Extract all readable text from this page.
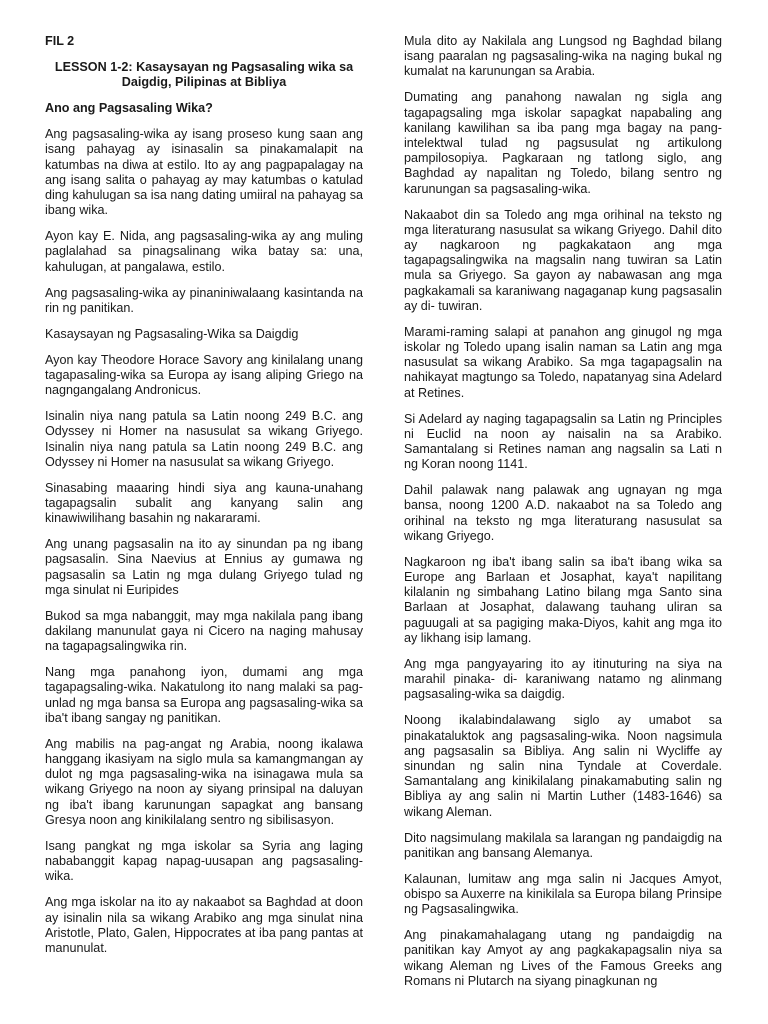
FIL 2

LESSON 1-2: Kasaysayan ng Pagsasaling wika sa Daigdig, Pilipinas at Bibliya

Ano ang Pagsasaling Wika?

Ang pagsasaling-wika ay isang proseso kung saan ang isang pahayag ay isinasalin sa pinakamalapit na katumbas na diwa at estilo. Ito ay ang pagpapalagay na ang isang salita o pahayag ay may katumbas o katulad ding kahulugan sa isa nang dating umiiral na pahayag sa ibang wika.

Ayon kay E. Nida, ang pagsasaling-wika ay ang muling paglalahad sa pinagsalinang wika batay sa: una, kahulugan, at pangalawa, estilo.

Ang pagsasaling-wika ay pinaniniwalaang kasintanda na rin ng panitikan.

Kasaysayan ng Pagsasaling-Wika sa Daigdig

Ayon kay Theodore Horace Savory ang kinilalang unang tagapasaling-wika sa Europa ay isang aliping Griego na nagngangalang Andronicus.

Isinalin niya nang patula sa Latin noong 249 B.C. ang Odyssey ni Homer na nasusulat sa wikang Griyego. Isinalin niya nang patula sa Latin noong 249 B.C. ang Odyssey ni Homer na nasusulat sa wikang Griyego.

Sinasabing maaaring hindi siya ang kauna-unahang tagapagsalin subalit ang kanyang salin ang kinawiwilihang basahin ng nakararami.

Ang unang pagsasalin na ito ay sinundan pa ng ibang pagsasalin. Sina Naevius at Ennius ay gumawa ng pagsasalin sa Latin ng mga dulang Griyego tulad ng mga sinulat ni Euripides

Bukod sa mga nabanggit, may mga nakilala pang ibang dakilang manunulat gaya ni Cicero na naging mahusay na tagapagsalingwika rin.

Nang mga panahong iyon, dumami ang mga tagapagsaling-wika. Nakatulong ito nang malaki sa pag-unlad ng mga bansa sa Europa ang pagsasaling-wika sa iba't ibang sangay ng panitikan.

Ang mabilis na pag-angat ng Arabia, noong ikalawa hanggang ikasiyam na siglo mula sa kamangmangan ay dulot ng mga pagsasaling-wika na isinagawa mula sa wikang Griyego na noon ay siyang prinsipal na daluyan ng iba't ibang karunungan sapagkat ang bansang Gresya noon ang kinikilalang sentro ng sibilisasyon.

Isang pangkat ng mga iskolar sa Syria ang laging nababanggit kapag napag-uusapan ang pagsasaling-wika.

Ang mga iskolar na ito ay nakaabot sa Baghdad at doon ay isinalin nila sa wikang Arabiko ang mga sinulat nina Aristotle, Plato, Galen, Hippocrates at iba pang pantas at manunulat.

Mula dito ay Nakilala ang Lungsod ng Baghdad bilang isang paaralan ng pagsasaling-wika na naging bukal ng kumalat na karunungan sa Arabia.

Dumating ang panahong nawalan ng sigla ang tagapagsaling mga iskolar sapagkat napabaling ang kanilang kawilihan sa iba pang mga bagay na pang- intelektwal tulad ng pagsusulat ng artikulong pampilosopiya. Pagkaraan ng tatlong siglo, ang Baghdad ay napalitan ng Toledo, bilang sentro ng karunungan sa pagsasaling-wika.

Nakaabot din sa Toledo ang mga orihinal na teksto ng mga literaturang nasusulat sa wikang Griyego. Dahil dito ay nagkaroon ng pagkakataon ang mga tagapagsalingwika na magsalin nang tuwiran sa Latin mula sa Griyego. Sa gayon ay nabawasan ang mga pagkakamali sa karaniwang nagaganap kung pagsasalin ay di- tuwiran.

Marami-raming salapi at panahon ang ginugol ng mga iskolar ng Toledo upang isalin naman sa Latin ang mga nasusulat sa wikang Arabiko. Sa mga tagapagsalin na nahikayat magtungo sa Toledo, napatanyag sina Adelard at Retines.

Si Adelard ay naging tagapagsalin sa Latin ng Principles ni Euclid na noon ay naisalin na sa Arabiko. Samantalang si Retines naman ang nagsalin sa Lati n ng Koran noong 1141.

Dahil palawak nang palawak ang ugnayan ng mga bansa, noong 1200 A.D. nakaabot na sa Toledo ang orihinal na teksto ng mga literaturang nasusulat sa wikang Griyego.

Nagkaroon ng iba't ibang salin sa iba't ibang wika sa Europe ang Barlaan et Josaphat, kaya't napilitang kilalanin ng simbahang Latino bilang mga Santo sina Barlaan at Josaphat, dalawang tauhang uliran sa paguugali at sa pagiging maka-Diyos, kahit ang mga ito ay likhang isip lamang.

Ang mga pangyayaring ito ay itinuturing na siya na marahil pinaka- di- karaniwang natamo ng alinmang pagsasaling-wika sa daigdig.

Noong ikalabindalawang siglo ay umabot sa pinakataluktok ang pagsasaling-wika. Noon nagsimula ang pagsasalin sa Bibliya. Ang salin ni Wycliffe ay sinundan ng salin nina Tyndale at Coverdale. Samantalang ang kinikilalang pinakamabuting salin ng Bibliya ay ang salin ni Martin Luther (1483-1646) sa wikang Aleman.

Dito nagsimulang makilala sa larangan ng pandaigdig na panitikan ang bansang Alemanya.

Kalaunan, lumitaw ang mga salin ni Jacques Amyot, obispo sa Auxerre na kinikilala sa Europa bilang Prinsipe ng Pagsasalingwika.

Ang pinakamahalagang utang ng pandaigdig na panitikan kay Amyot ay ang pagkakapagsalin niya sa wikang Aleman ng Lives of the Famous Greeks ang Romans ni Plutarch na siyang pinagkunan ng
